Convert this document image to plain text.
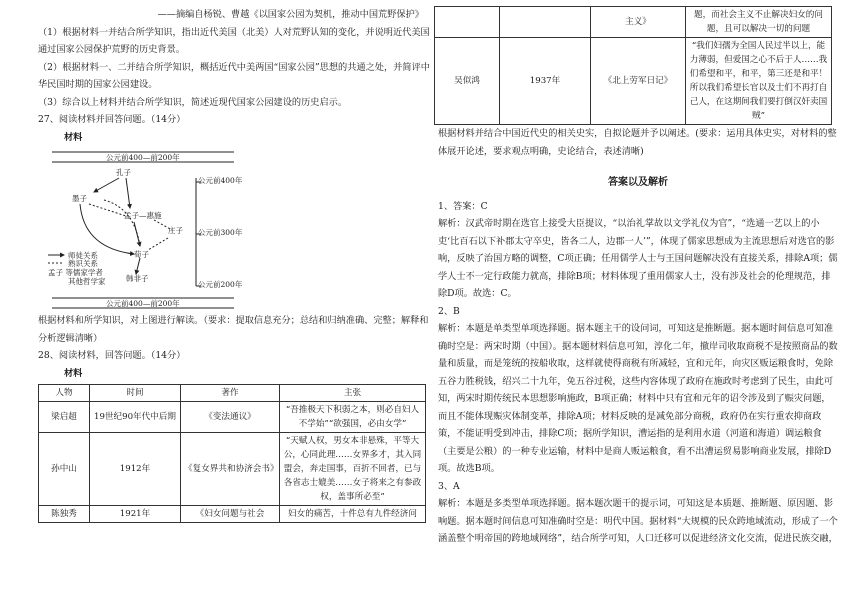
——摘编自杨锐、曹越《以国家公园为契机，推动中国荒野保护》

（1）根据材料一并结合所学知识，指出近代美国（北美）人对荒野认知的变化，并说明近代美国通过国家公园保护荒野的历史背景。

（2）根据材料一、二并结合所学知识，概括近代中美两国“国家公园”思想的共通之处，并简评中华民国时期的国家公园建设。

（3）综合以上材料并结合所学知识，简述近现代国家公园建设的历史启示。

27、阅读材料并回答问题。（14分）

材料

公元前400—前200年
公元前400—前200年
公元前400年
公元前300年
公元前200年
墨子
孔子
孟子—惠施
庄子
荀子
韩非子
师徒关系
熟识关系
孟子 等儒家学者
其他哲学家

根据材料和所学知识，对上图进行解读。（要求：提取信息充分；总结和归纳准确、完整；解释和分析逻辑清晰）

28、阅读材料，回答问题。（14分）

材料

人物	时间	著作	主张
梁启超	19世纪90年代中后期	《变法通议》	“吾推极天下积弱之本，则必自妇人不学始”“欲强国，必由女学”
孙中山	1912年	《复女界共和协济会书》	“天赋人权，男女本非悬殊，平等大公，心同此理……女界多才，其入同盟会，奔走国事，百折不回者，已与各省志士媲美……女子将来之有参政权，盖事所必至”
陈独秀	1921年	《妇女问题与社会	妇女的痛苦，十件总有九件经济问
		主义》	题，而社会主义不止解决妇女的问题，且可以解决一切的问题
吴似鸿	1937年	《北上劳军日记》	“我们妇孺为全国人民过半以上，能力薄弱，但爱国之心不后于人……我们希望和平，和平，第三还是和平！所以我们希望长官以及士们不再打自己人，在这期间我们要打倒汉奸卖国贼”

根据材料并结合中国近代史的相关史实，自拟论题并予以阐述。(要求：运用具体史实，对材料的整体展开论述，要求观点明确，史论结合，表述清晰)

答案以及解析

1、答案：C

解析：汉武帝时期在选官上接受大臣提议，“以治礼掌故以文学礼仪为官”，“选通一艺以上的小吏‘比百石以下补郡太守卒史，皆各二人，边郡一人’”，体现了儒家思想成为主流思想后对选官的影响，反映了治国方略的调整，C项正确；任用儒学人士与王国问题解决没有直接关系，排除A项；儒学人士不一定行政能力就高，排除B项；材料体现了重用儒家人士，没有涉及社会的伦理规范，排除D项。故选：C。

2、B

解析：本题是单类型单项选择题。据本题主干的设问词，可知这是推断题。据本题时间信息可知准确时空是：两宋时期（中国）。据本题材料信息可知，淳化二年，撤岸司收取商税不是按照商品的数量和质量，而是笼统的按船收取，这样就使得商税有所减轻，宜和元年，向灾区贩运粮食时，免除五谷力胜税钱，绍兴二十九年，免五谷过税，这些内容体现了政府在施政时考虑到了民生，由此可知，两宋时期传统民本思想影响施政，B项正确；材料中只有宜和元年的诏令涉及到了赈灾问题，而且不能体现赈灾体制变革，排除A项；材料反映的是减免部分商税，政府仍在实行重农抑商政策，不能证明受到冲击，排除C项；据所学知识，漕运指的是利用水道（河道和海道）调运粮食（主要是公粮）的一种专业运输，材料中是商人贩运粮食，看不出漕运贸易影响商业发展，排除D项。故选B项。

3、A

解析：本题是多类型单项选择题。据本题次题干的提示词，可知这是本质题、推断题、原因题、影响题。据本题时间信息可知准确时空是：明代中国。据材料“大规模的民众跨地域流动，形成了一个涵盖整个明帝国的跨地域网络”，结合所学可知，人口迁移可以促进经济文化交流，促进民族交融，
